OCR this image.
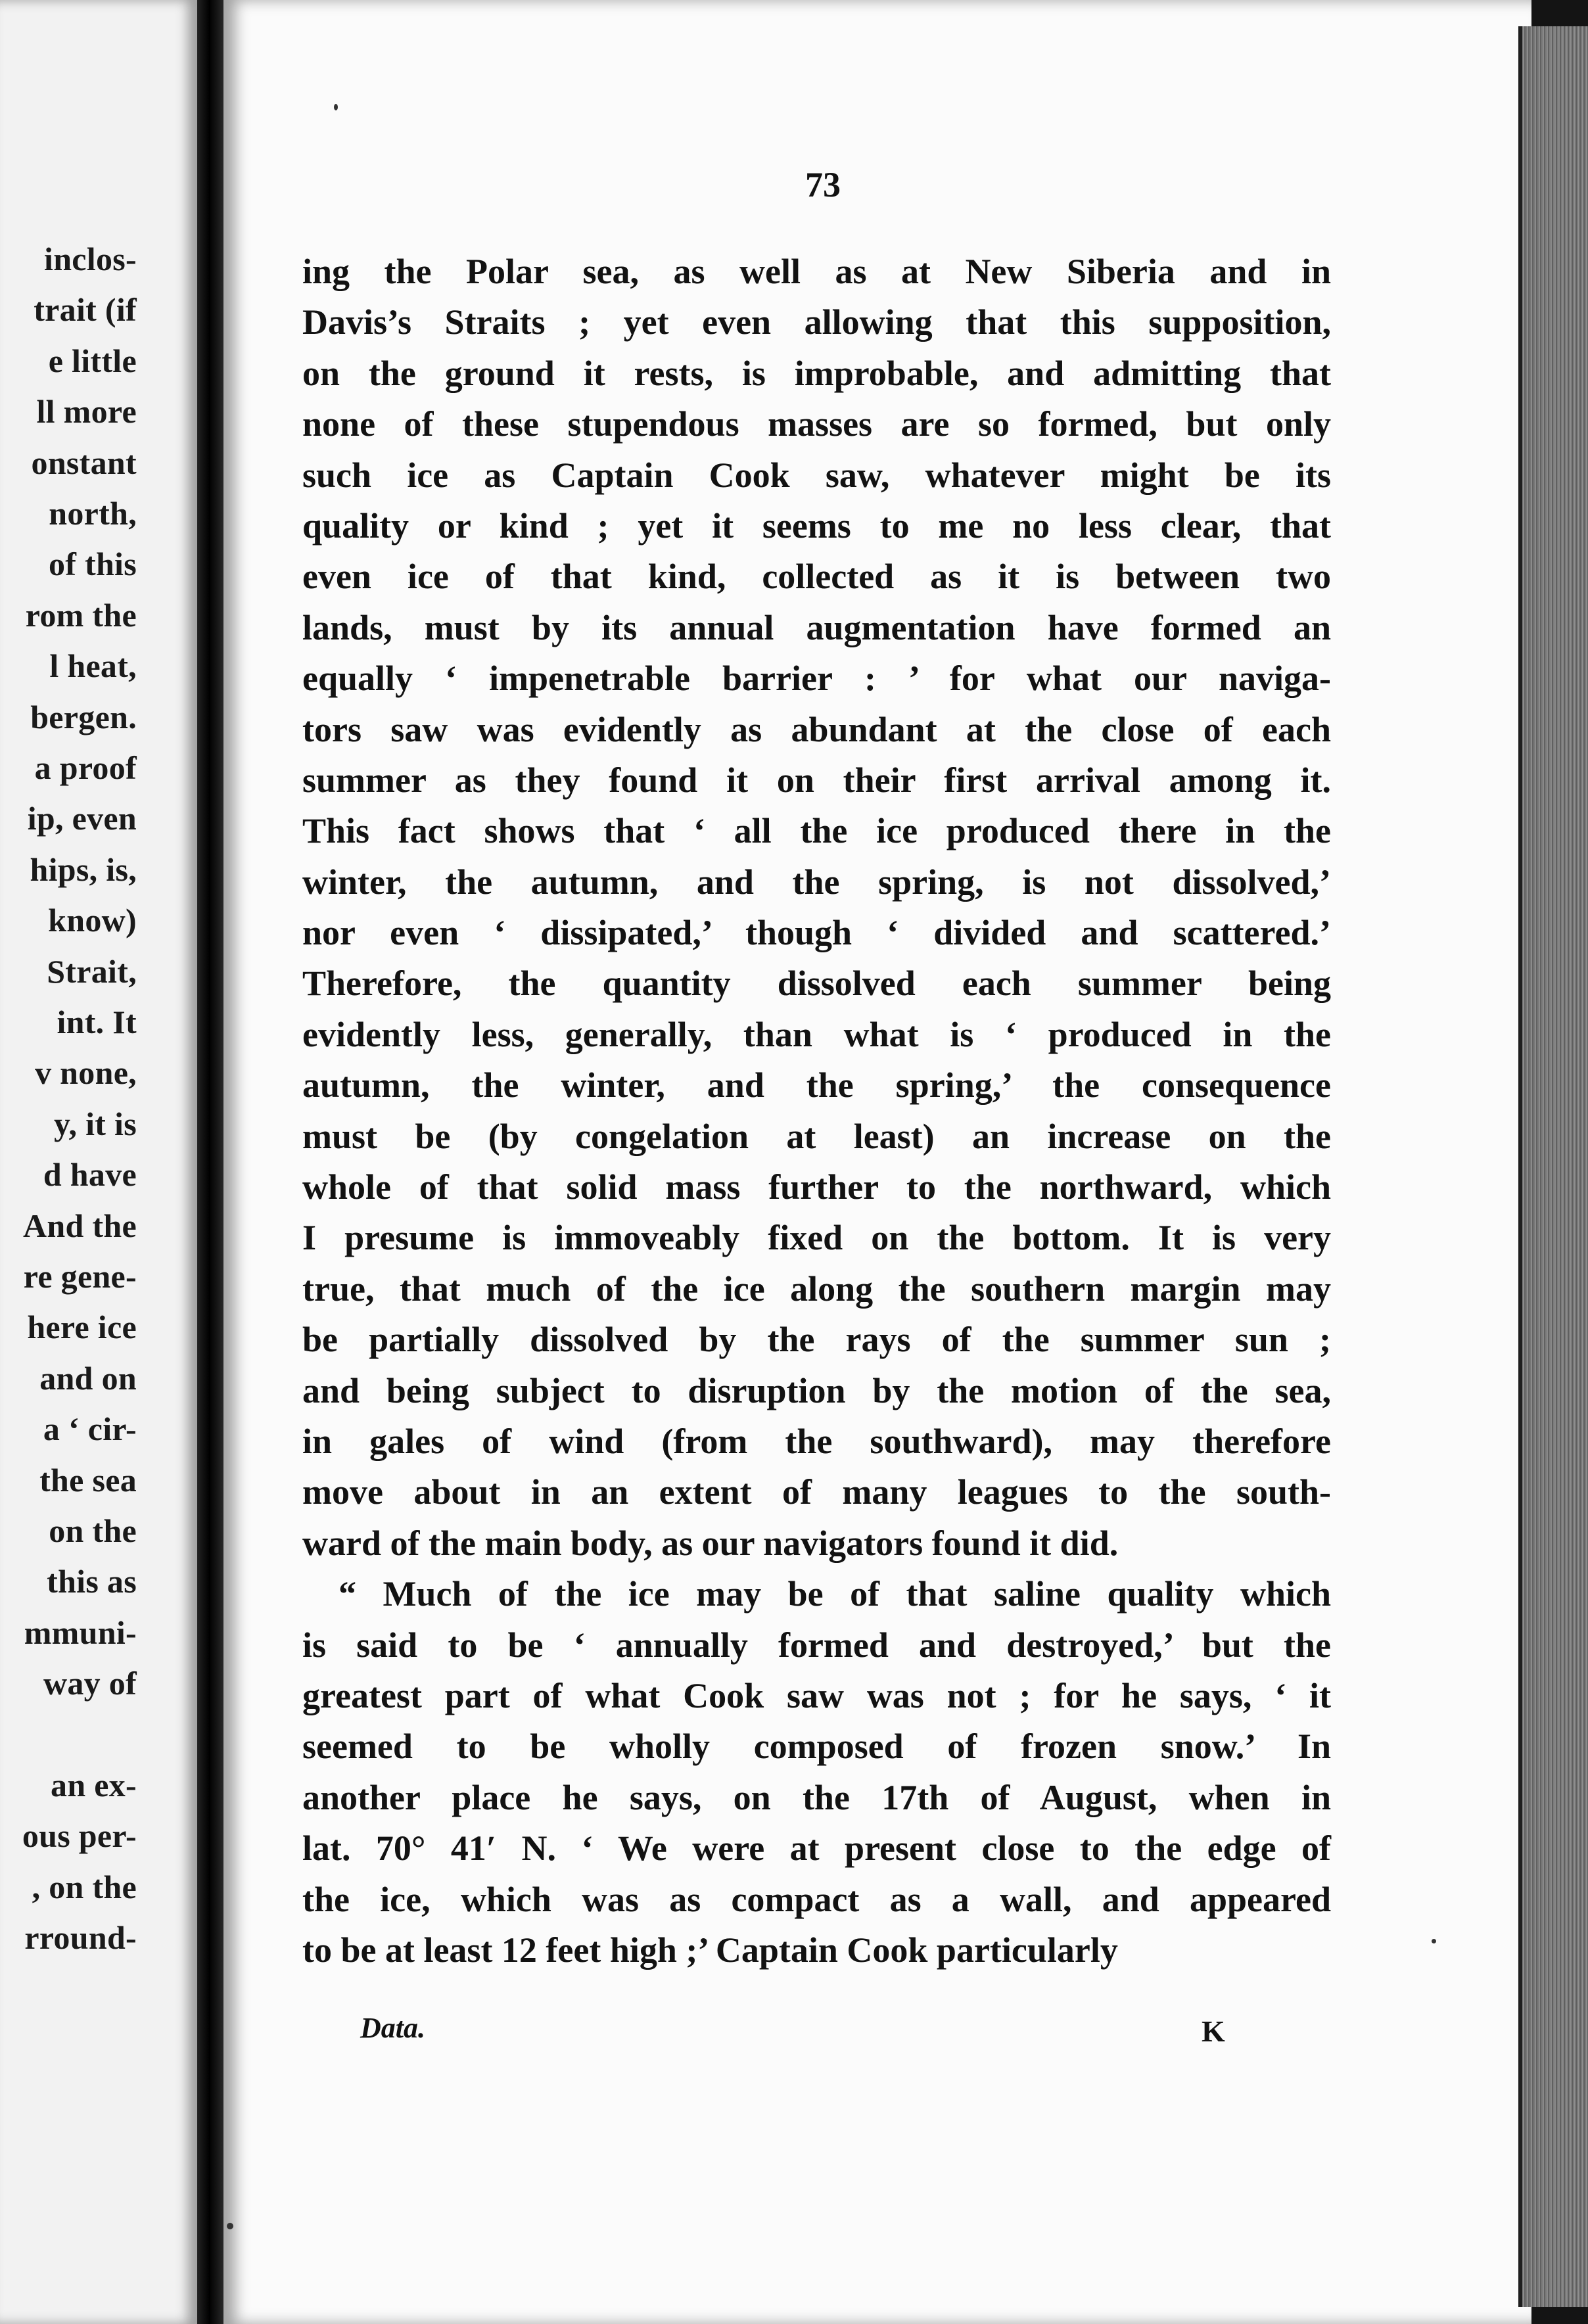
inclos-
trait (if
e little
ll more
onstant
north,
of this
rom the
l heat,
bergen.
a proof
ip, even
hips, is,
know)
Strait,
int. It
v none,
y, it is
d have
And the
re gene-
here ice
and on
a ‘ cir-
the sea
on the
this as
mmuni-
way of
an ex-
ous per-
, on the
rround-
73
ing the Polar sea, as well as at New Siberia and in
Davis’s Straits ; yet even allowing that this supposition,
on the ground it rests, is improbable, and admitting that
none of these stupendous masses are so formed, but only
such ice as Captain Cook saw, whatever might be its
quality or kind ; yet it seems to me no less clear, that
even ice of that kind, collected as it is between two
lands, must by its annual augmentation have formed an
equally ‘ impenetrable barrier : ’ for what our naviga-
tors saw was evidently as abundant at the close of each
summer as they found it on their first arrival among it.
This fact shows that ‘ all the ice produced there in the
winter, the autumn, and the spring, is not dissolved,’
nor even ‘ dissipated,’ though ‘ divided and scattered.’
Therefore, the quantity dissolved each summer being
evidently less, generally, than what is ‘ produced in the
autumn, the winter, and the spring,’ the consequence
must be (by congelation at least) an increase on the
whole of that solid mass further to the northward, which
I presume is immoveably fixed on the bottom. It is very
true, that much of the ice along the southern margin may
be partially dissolved by the rays of the summer sun ;
and being subject to disruption by the motion of the sea,
in gales of wind (from the southward), may therefore
move about in an extent of many leagues to the south-
ward of the main body, as our navigators found it did.
“ Much of the ice may be of that saline quality which
is said to be ‘ annually formed and destroyed,’ but the
greatest part of what Cook saw was not ; for he says, ‘ it
seemed to be wholly composed of frozen snow.’ In
another place he says, on the 17th of August, when in
lat. 70° 41′ N. ‘ We were at present close to the edge of
the ice, which was as compact as a wall, and appeared
to be at least 12 feet high ;’ Captain Cook particularly
Data.	K
